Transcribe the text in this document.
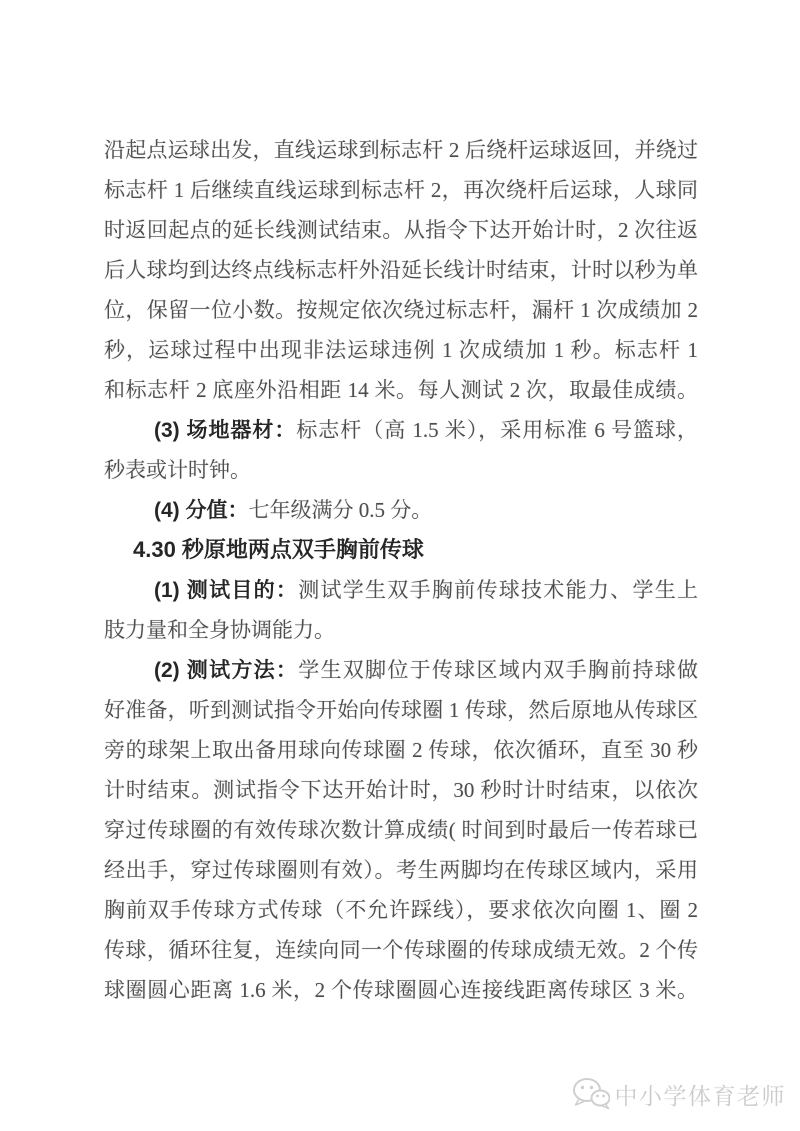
沿起点运球出发，直线运球到标志杆 2 后绕杆运球返回，并绕过
标志杆 1 后继续直线运球到标志杆 2，再次绕杆后运球，人球同
时返回起点的延长线测试结束。从指令下达开始计时，2 次往返
后人球均到达终点线标志杆外沿延长线计时结束，计时以秒为单
位，保留一位小数。按规定依次绕过标志杆，漏杆 1 次成绩加 2
秒，运球过程中出现非法运球违例 1 次成绩加 1 秒。标志杆 1
和标志杆 2 底座外沿相距 14 米。每人测试 2 次，取最佳成绩。
(3) 场地器材：标志杆（高 1.5 米），采用标准 6 号篮球，
秒表或计时钟。
(4) 分值：七年级满分 0.5 分。
4.30 秒原地两点双手胸前传球
(1) 测试目的：测试学生双手胸前传球技术能力、学生上
肢力量和全身协调能力。
(2) 测试方法：学生双脚位于传球区域内双手胸前持球做
好准备，听到测试指令开始向传球圈 1 传球，然后原地从传球区
旁的球架上取出备用球向传球圈 2 传球，依次循环，直至 30 秒
计时结束。测试指令下达开始计时，30 秒时计时结束，以依次
穿过传球圈的有效传球次数计算成绩( 时间到时最后一传若球已
经出手，穿过传球圈则有效）。考生两脚均在传球区域内，采用
胸前双手传球方式传球（不允许踩线），要求依次向圈 1、圈 2
传球，循环往复，连续向同一个传球圈的传球成绩无效。2 个传
球圈圆心距离 1.6 米，2 个传球圈圆心连接线距离传球区 3 米。
中小学体育老师
